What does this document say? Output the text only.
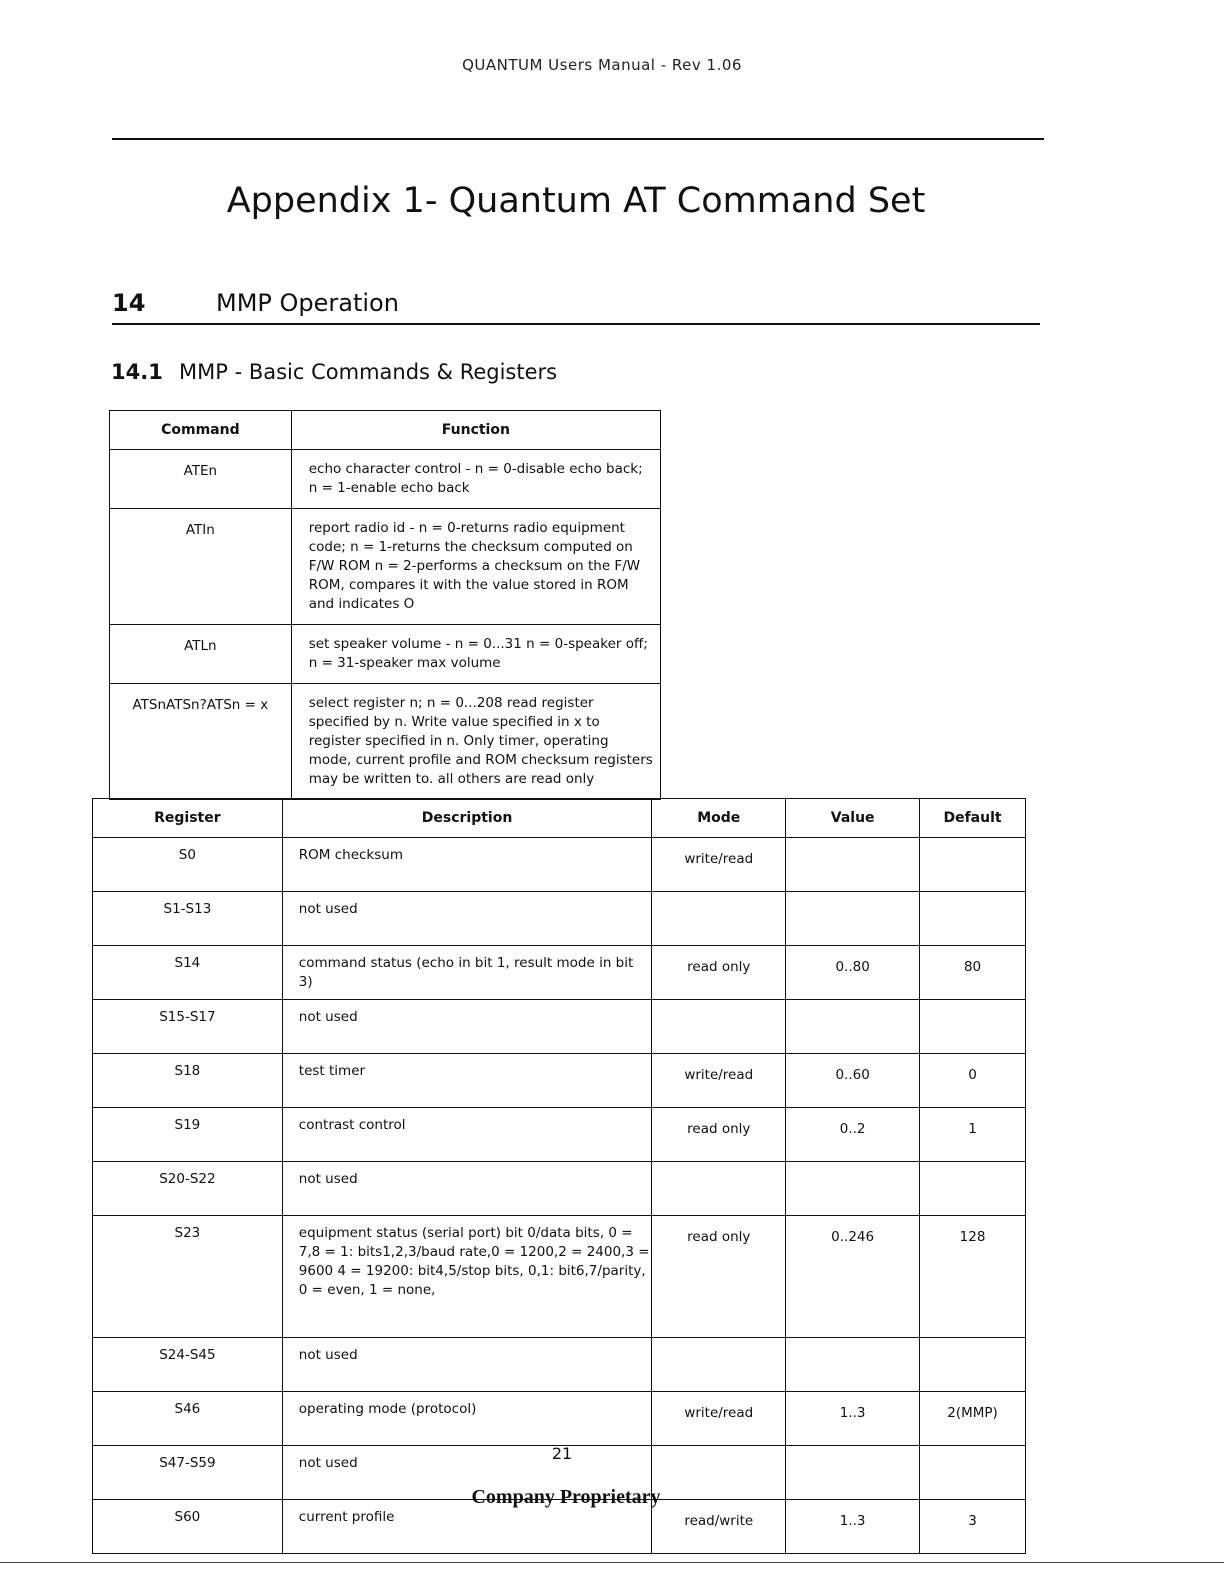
QUANTUM Users Manual - Rev 1.06
Appendix 1- Quantum AT Command Set
14	MMP Operation
14.1 MMP - Basic Commands & Registers
Command	Function
ATEn	echo character control - n = 0-disable echo back; n = 1-enable echo back
ATIn	report radio id - n = 0-returns radio equipment code; n = 1-returns the checksum computed on F/W ROM n = 2-performs a checksum on the F/W ROM, compares it with the value stored in ROM and indicates O
ATLn	set speaker volume - n = 0...31 n = 0-speaker off; n = 31-speaker max volume
ATSnATSn?ATSn = x	select register n; n = 0...208 read register specified by n. Write value specified in x to register specified in n. Only timer, operating mode, current profile and ROM checksum registers may be written to. all others are read only
Register	Description	Mode	Value	Default
S0	ROM checksum	write/read		
S1-S13	not used			
S14	command status (echo in bit 1, result mode in bit 3)	read only	0..80	80
S15-S17	not used			
S18	test timer	write/read	0..60	0
S19	contrast control	read only	0..2	1
S20-S22	not used			
S23	equipment status (serial port) bit 0/data bits, 0 = 7,8 = 1: bits1,2,3/baud rate,0 = 1200,2 = 2400,3 = 9600 4 = 19200: bit4,5/stop bits, 0,1: bit6,7/parity, 0 = even, 1 = none,	read only	0..246	128
S24-S45	not used			
S46	operating mode (protocol)	write/read	1..3	2(MMP)
S47-S59	not used			
S60	current profile	read/write	1..3	3
21
Company Proprietary
